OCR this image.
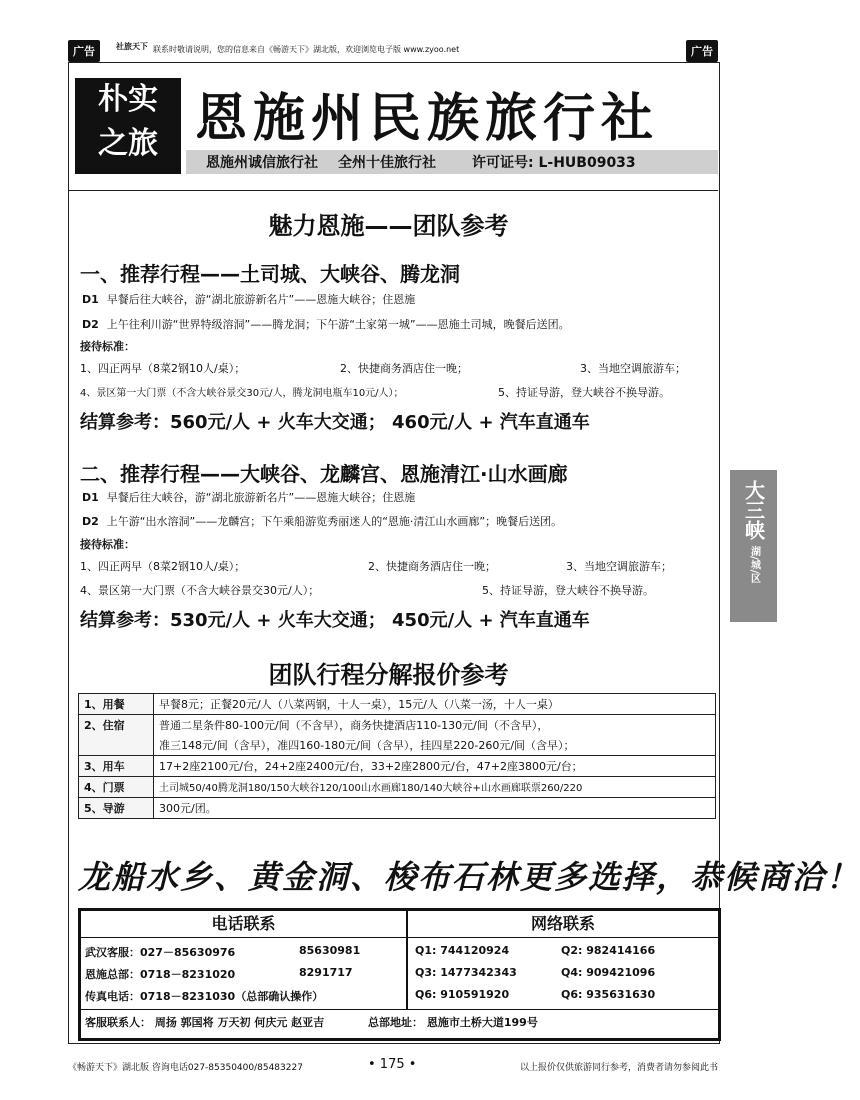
广告	社旅天下 联系时敬请说明，您的信息来自《畅游天下》湖北版，欢迎浏览电子版 www.zyoo.net	广告
朴实
之旅 恩施州民族旅行社
恩施州诚信旅行社 全州十佳旅行社	许可证号: L-HUB09033
魅力恩施——团队参考
一、推荐行程——土司城、大峡谷、腾龙洞
D1 早餐后往大峡谷，游“湖北旅游新名片”——恩施大峡谷；住恩施
D2 上午往利川游“世界特级溶洞”——腾龙洞；下午游“土家第一城”——恩施土司城，晚餐后送团。
接待标准：
1、四正两早（8菜2钢10人/桌）；	2、快捷商务酒店住一晚；	3、当地空调旅游车；
4、景区第一大门票（不含大峡谷景交30元/人，腾龙洞电瓶车10元/人）；	5、持证导游，登大峡谷不换导游。
结算参考：560元/人 + 火车大交通； 460元/人 + 汽车直通车
二、推荐行程——大峡谷、龙麟宫、恩施清江·山水画廊
D1 早餐后往大峡谷，游“湖北旅游新名片”——恩施大峡谷；住恩施
D2 上午游“出水溶洞”——龙麟宫；下午乘船游览秀丽迷人的“恩施·清江山水画廊”；晚餐后送团。
接待标准：
1、四正两早（8菜2钢10人/桌）；	2、快捷商务酒店住一晚；	3、当地空调旅游车；
4、景区第一大门票（不含大峡谷景交30元/人）；	5、持证导游，登大峡谷不换导游。
结算参考：530元/人 + 火车大交通； 450元/人 + 汽车直通车
团队行程分解报价参考
1、用餐	早餐8元；正餐20元/人（八菜两钢，十人一桌），15元/人（八菜一汤，十人一桌）
2、住宿	普通二星条件80-100元/间（不含早），商务快捷酒店110-130元/间（不含早），
准三148元/间（含早），准四160-180元/间（含早），挂四星220-260元/间（含早）；

3、用车	17+2座2100元/台，24+2座2400元/台，33+2座2800元/台，47+2座3800元/台；
4、门票	土司城50/40腾龙洞180/150大峡谷120/100山水画廊180/140大峡谷+山水画廊联票260/220
5、导游	300元/团。
龙船水乡、黄金洞、梭布石林更多选择，恭候商洽！
电话联系	网络联系
武汉客服：027－85630976	85630981
恩施总部：0718－8231020	8291717
传真电话：0718－8231030（总部确认操作）
Q1: 744120924	Q2: 982414166
Q3: 1477342343	Q4: 909421096
Q6: 910591920	Q6: 935631630
客服联系人： 周扬 郭国将 万天初 何庆元 赵亚吉	总部地址： 恩施市土桥大道199号
大三峡
湖/城/区
《畅游天下》湖北版 咨询电话027-85350400/85483227	• 175 •	以上报价仅供旅游同行参考，消费者请勿参阅此书
